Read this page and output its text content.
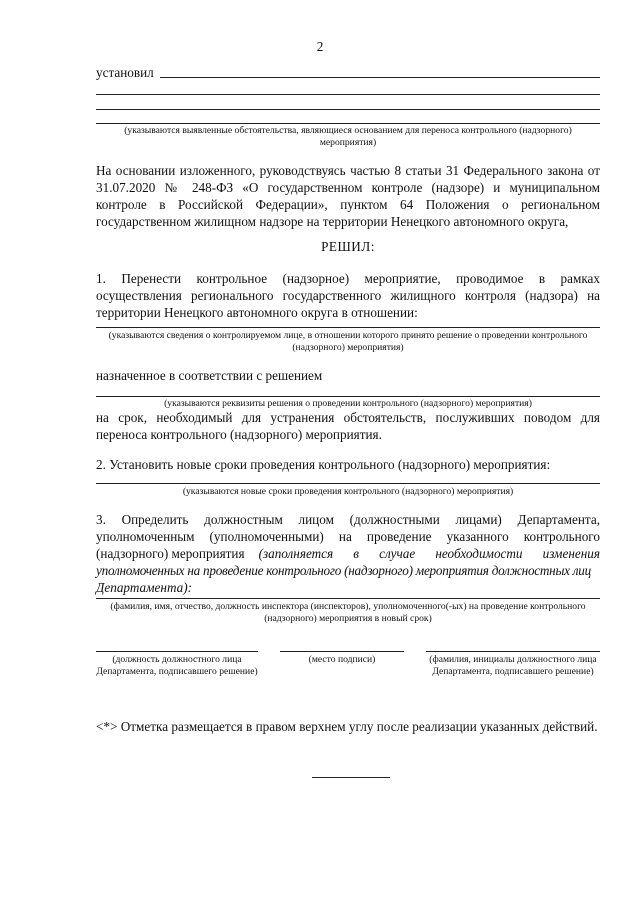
2
установил
(указываются выявленные обстоятельства, являющиеся основанием для переноса контрольного (надзорного) мероприятия)
На основании изложенного, руководствуясь частью 8 статьи 31 Федерального закона от 31.07.2020 № 248-ФЗ «О государственном контроле (надзоре) и муниципальном контроле в Российской Федерации», пунктом 64 Положения о региональном государственном жилищном надзоре на территории Ненецкого автономного округа,
РЕШИЛ:
1. Перенести контрольное (надзорное) мероприятие, проводимое в рамках осуществления регионального государственного жилищного контроля (надзора) на территории Ненецкого автономного округа в отношении:
(указываются сведения о контролируемом лице, в отношении которого принято решение о проведении контрольного (надзорного) мероприятия)
назначенное в соответствии с решением
(указываются реквизиты решения о проведении контрольного (надзорного) мероприятия)
на срок, необходимый для устранения обстоятельств, послуживших поводом для переноса контрольного (надзорного) мероприятия.
2. Установить новые сроки проведения контрольного (надзорного) мероприятия:
(указываются новые сроки проведения контрольного (надзорного) мероприятия)
3. Определить должностным лицом (должностными лицами) Департамента,
уполномоченным (уполномоченными) на проведение указанного контрольного
(надзорного) мероприятия (заполняется в случае необходимости изменения
уполномоченных на проведение контрольного (надзорного) мероприятия должностных лиц
Департамента):
(фамилия, имя, отчество, должность инспектора (инспекторов), уполномоченного(-ых) на проведение контрольного (надзорного) мероприятия в новый срок)
(должность должностного лица Департамента, подписавшего решение)
(место подписи)	(фамилия, инициалы должностного лица Департамента, подписавшего решение)
<*> Отметка размещается в правом верхнем углу после реализации указанных действий.
